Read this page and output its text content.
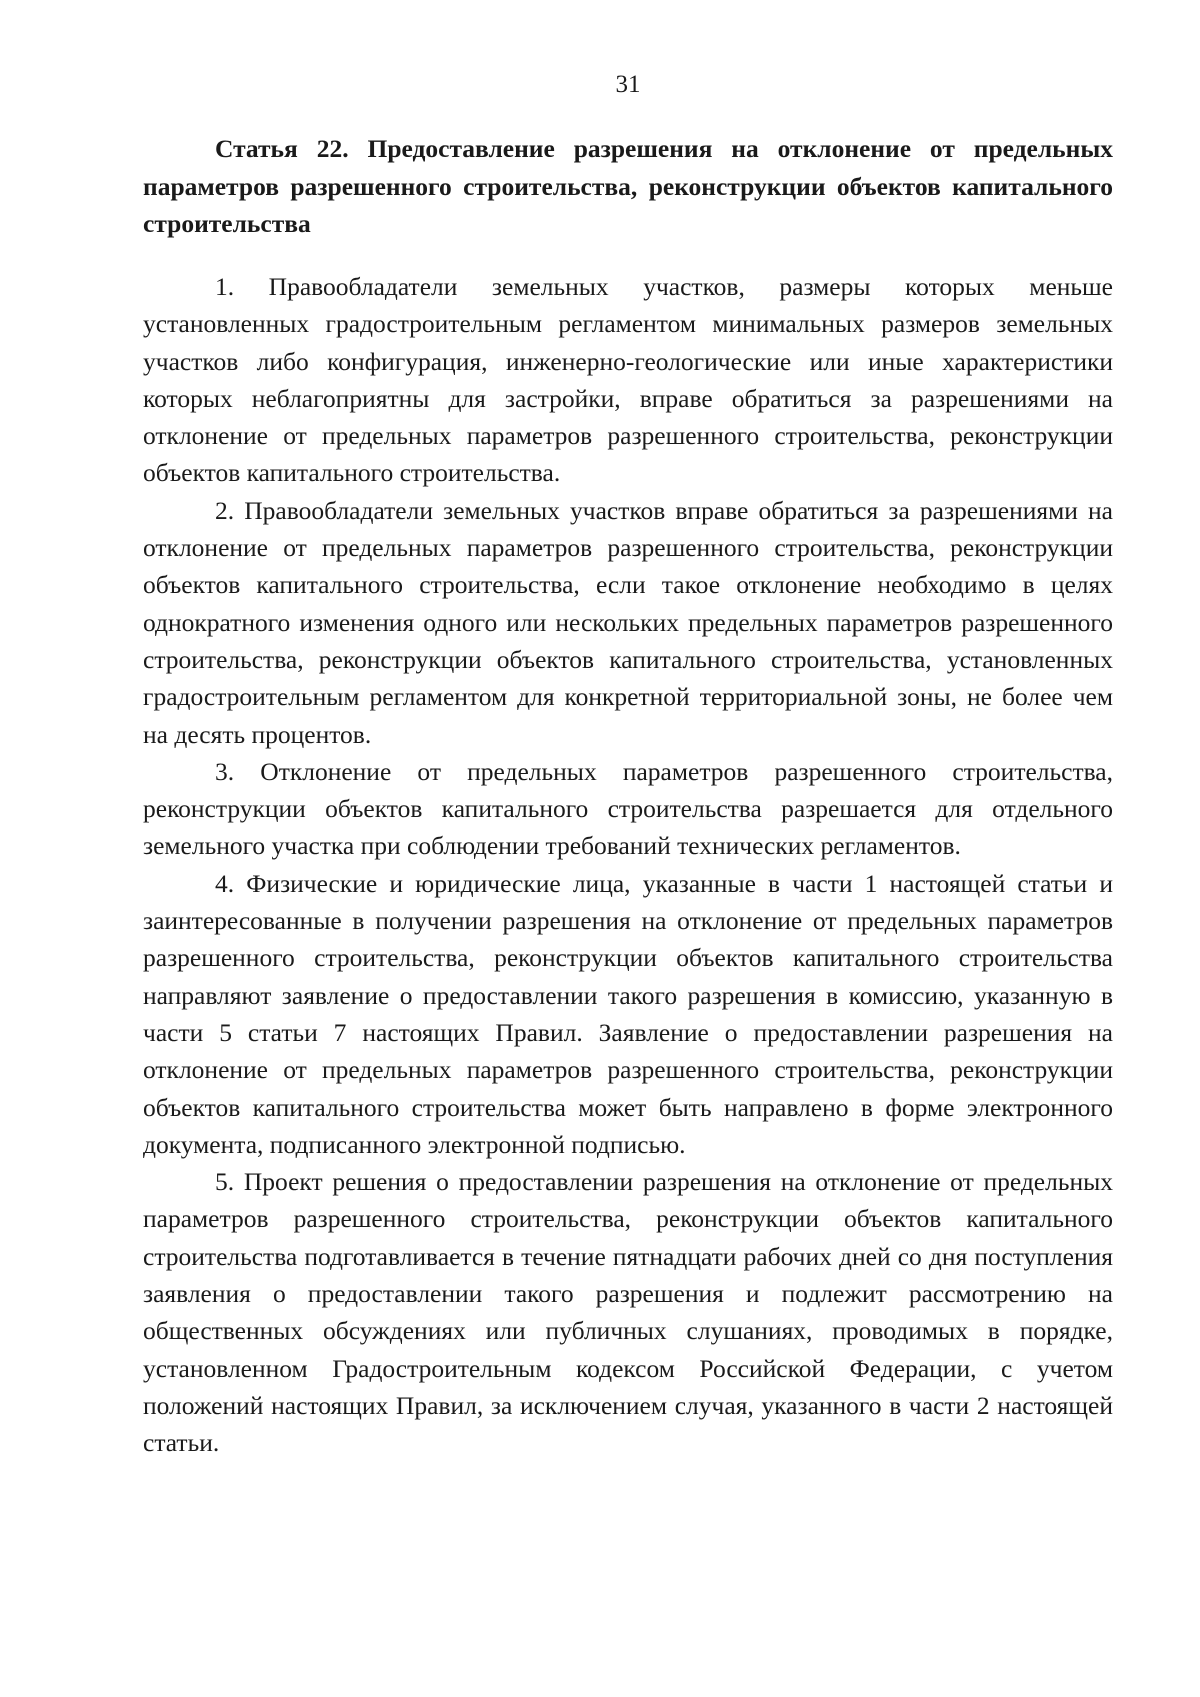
31
Статья 22. Предоставление разрешения на отклонение от предельных параметров разрешенного строительства, реконструкции объектов капитального строительства

1. Правообладатели земельных участков, размеры которых меньше установленных градостроительным регламентом минимальных размеров земельных участков либо конфигурация, инженерно-геологические или иные характеристики которых неблагоприятны для застройки, вправе обратиться за разрешениями на отклонение от предельных параметров разрешенного строительства, реконструкции объектов капитального строительства.

2. Правообладатели земельных участков вправе обратиться за разрешениями на отклонение от предельных параметров разрешенного строительства, реконструкции объектов капитального строительства, если такое отклонение необходимо в целях однократного изменения одного или нескольких предельных параметров разрешенного строительства, реконструкции объектов капитального строительства, установленных градостроительным регламентом для конкретной территориальной зоны, не более чем на десять процентов.

3. Отклонение от предельных параметров разрешенного строительства, реконструкции объектов капитального строительства разрешается для отдельного земельного участка при соблюдении требований технических регламентов.

4. Физические и юридические лица, указанные в части 1 настоящей статьи и заинтересованные в получении разрешения на отклонение от предельных параметров разрешенного строительства, реконструкции объектов капитального строительства направляют заявление о предоставлении такого разрешения в комиссию, указанную в части 5 статьи 7 настоящих Правил. Заявление о предоставлении разрешения на отклонение от предельных параметров разрешенного строительства, реконструкции объектов капитального строительства может быть направлено в форме электронного документа, подписанного электронной подписью.

5. Проект решения о предоставлении разрешения на отклонение от предельных параметров разрешенного строительства, реконструкции объектов капитального строительства подготавливается в течение пятнадцати рабочих дней со дня поступления заявления о предоставлении такого разрешения и подлежит рассмотрению на общественных обсуждениях или публичных слушаниях, проводимых в порядке, установленном Градостроительным кодексом Российской Федерации, с учетом положений настоящих Правил, за исключением случая, указанного в части 2 настоящей статьи.
